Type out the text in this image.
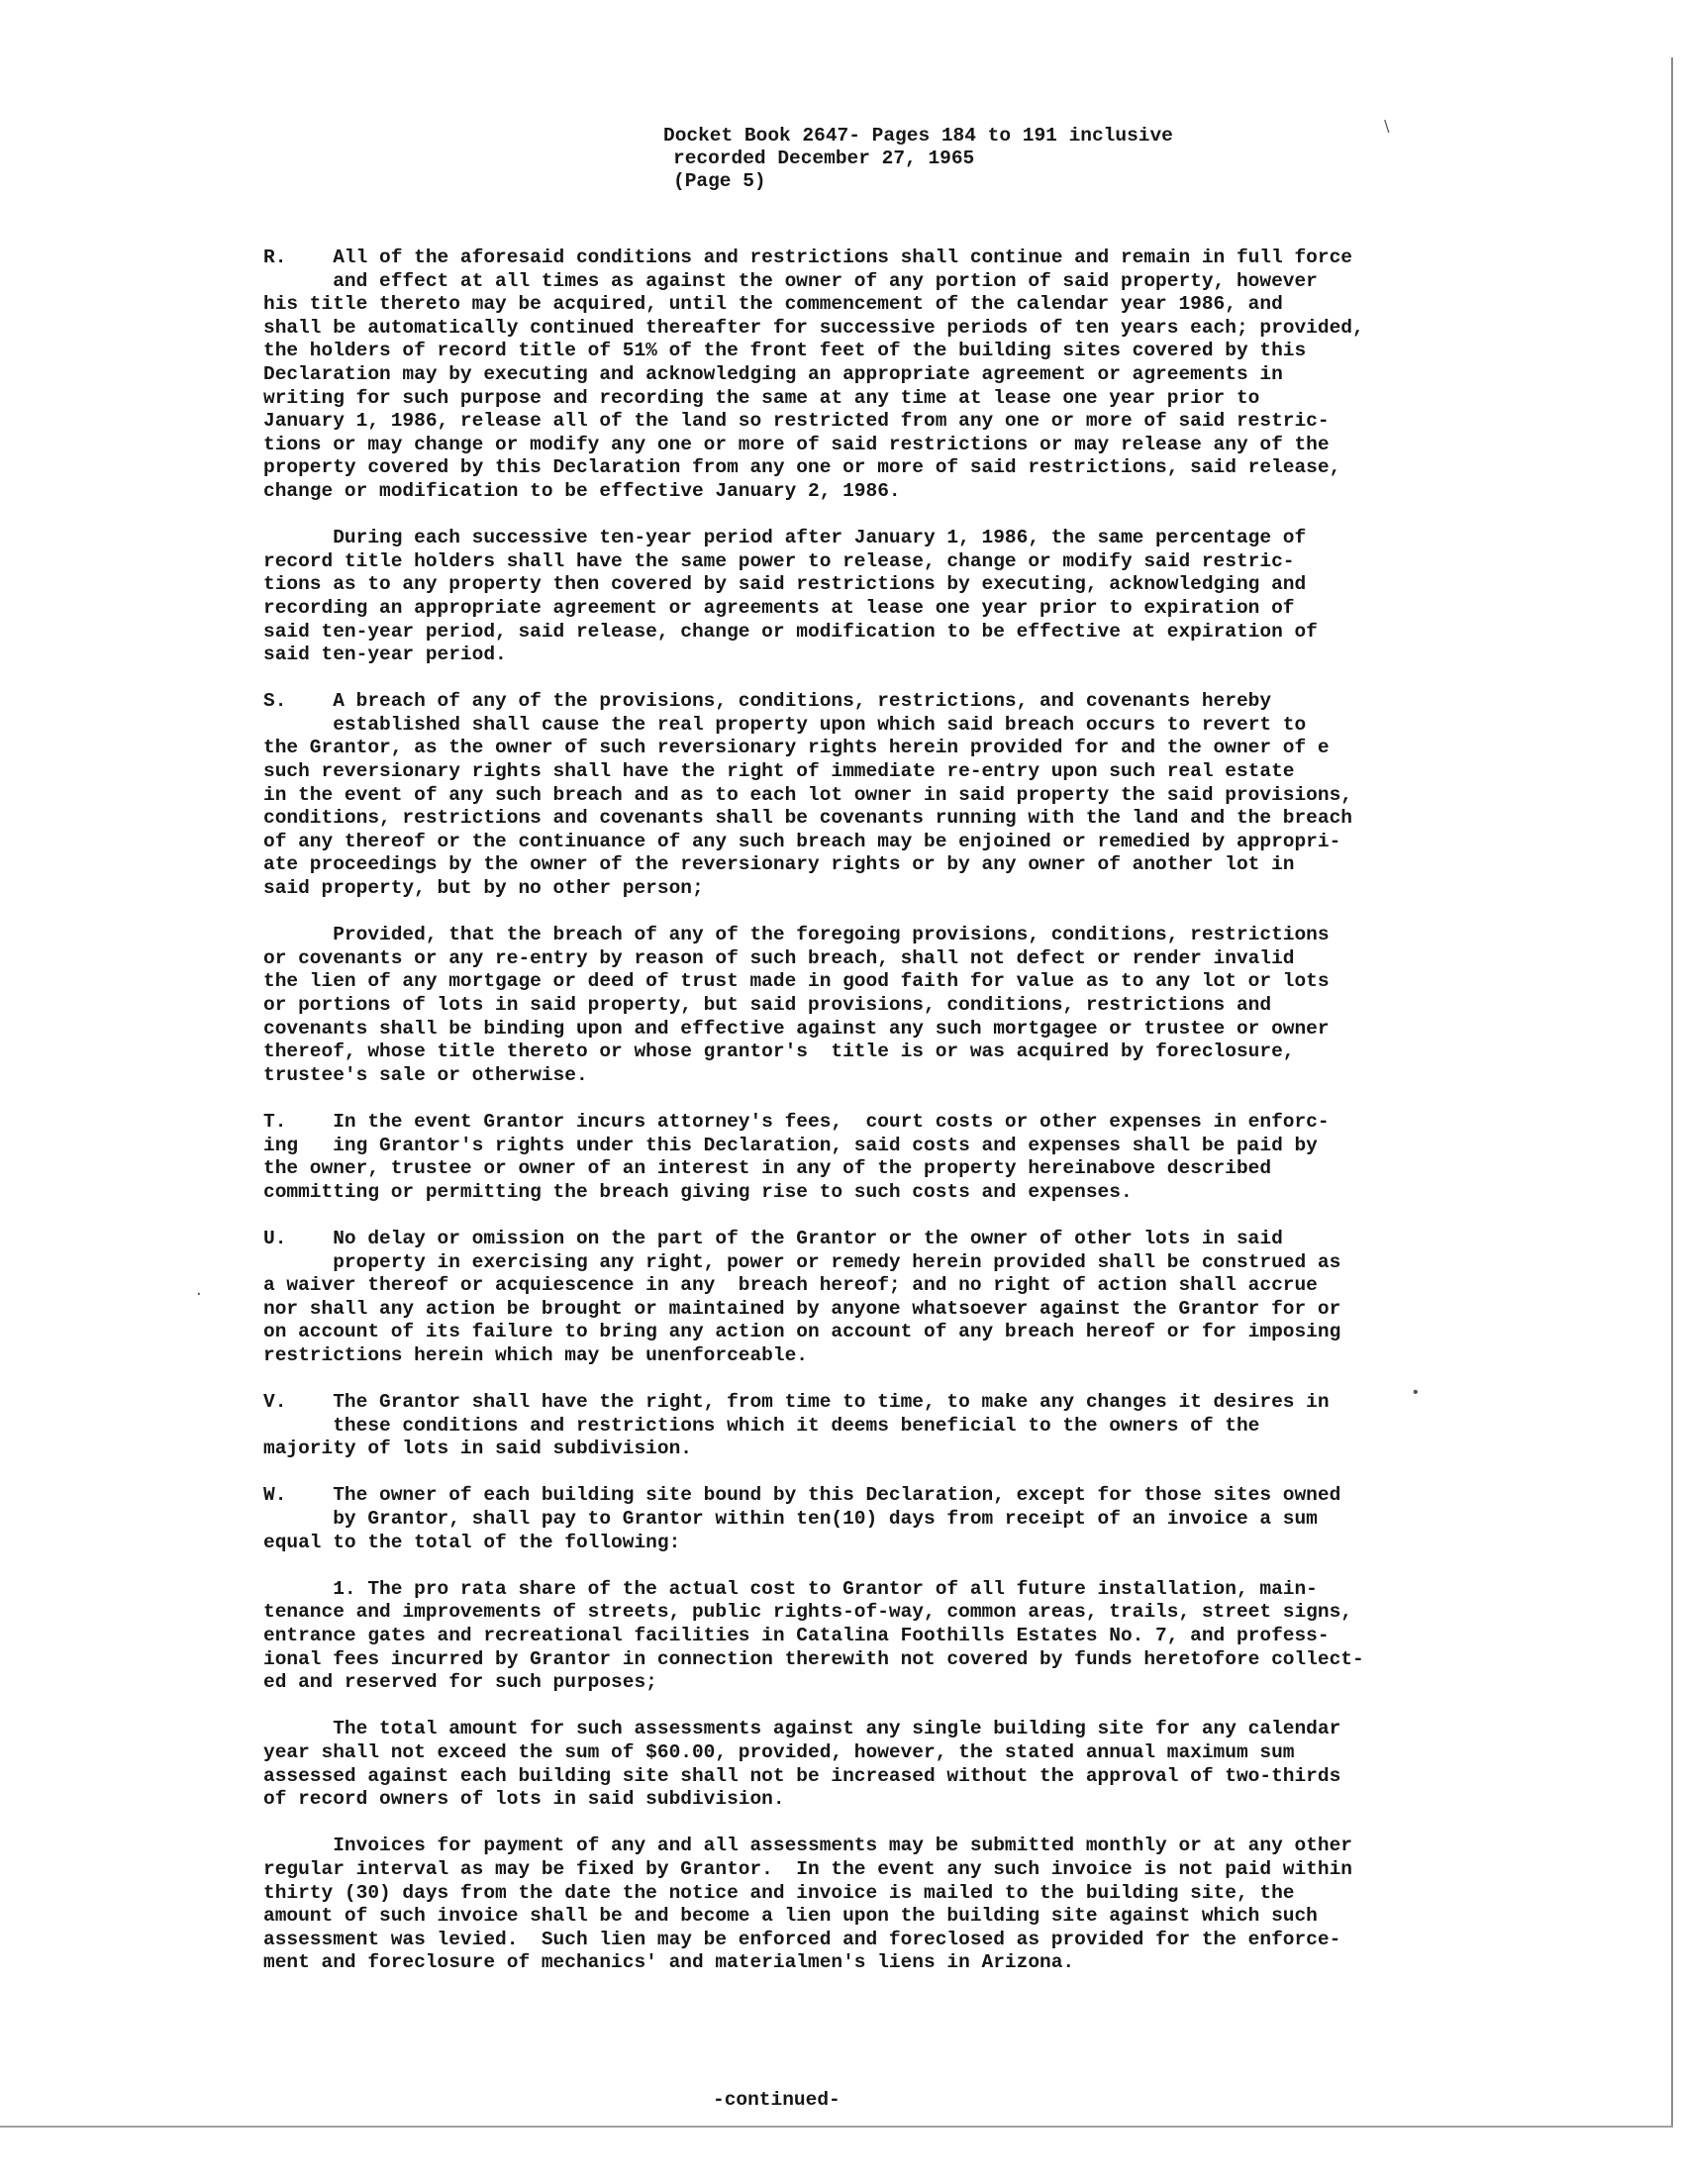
Docket Book 2647- Pages 184 to 191 inclusive
recorded December 27, 1965
(Page 5)
R.    All of the aforesaid conditions and restrictions shall continue and remain in full force
and effect at all times as against the owner of any portion of said property, however
his title thereto may be acquired, until the commencement of the calendar year 1986, and
shall be automatically continued thereafter for successive periods of ten years each; provided,
the holders of record title of 51% of the front feet of the building sites covered by this
Declaration may by executing and acknowledging an appropriate agreement or agreements in
writing for such purpose and recording the same at any time at lease one year prior to
January 1, 1986, release all of the land so restricted from any one or more of said restric-
tions or may change or modify any one or more of said restrictions or may release any of the
property covered by this Declaration from any one or more of said restrictions, said release,
change or modification to be effective January 2, 1986.
During each successive ten-year period after January 1, 1986, the same percentage of
record title holders shall have the same power to release, change or modify said restric-
tions as to any property then covered by said restrictions by executing, acknowledging and
recording an appropriate agreement or agreements at lease one year prior to expiration of
said ten-year period, said release, change or modification to be effective at expiration of
said ten-year period.
S.    A breach of any of the provisions, conditions, restrictions, and covenants hereby
established shall cause the real property upon which said breach occurs to revert to
the Grantor, as the owner of such reversionary rights herein provided for and the owner of e
such reversionary rights shall have the right of immediate re-entry upon such real estate
in the event of any such breach and as to each lot owner in said property the said provisions,
conditions, restrictions and covenants shall be covenants running with the land and the breach
of any thereof or the continuance of any such breach may be enjoined or remedied by appropri-
ate proceedings by the owner of the reversionary rights or by any owner of another lot in
said property, but by no other person;
Provided, that the breach of any of the foregoing provisions, conditions, restrictions
or covenants or any re-entry by reason of such breach, shall not defect or render invalid
the lien of any mortgage or deed of trust made in good faith for value as to any lot or lots
or portions of lots in said property, but said provisions, conditions, restrictions and
covenants shall be binding upon and effective against any such mortgagee or trustee or owner
thereof, whose title thereto or whose grantor's  title is or was acquired by foreclosure,
trustee's sale or otherwise.
T.    In the event Grantor incurs attorney's fees,  court costs or other expenses in enforc-
ing   ing Grantor's rights under this Declaration, said costs and expenses shall be paid by
the owner, trustee or owner of an interest in any of the property hereinabove described
committing or permitting the breach giving rise to such costs and expenses.
U.    No delay or omission on the part of the Grantor or the owner of other lots in said
property in exercising any right, power or remedy herein provided shall be construed as
a waiver thereof or acquiescence in any  breach hereof; and no right of action shall accrue
nor shall any action be brought or maintained by anyone whatsoever against the Grantor for or
on account of its failure to bring any action on account of any breach hereof or for imposing
restrictions herein which may be unenforceable.
V.    The Grantor shall have the right, from time to time, to make any changes it desires in
these conditions and restrictions which it deems beneficial to the owners of the
majority of lots in said subdivision.
W.    The owner of each building site bound by this Declaration, except for those sites owned
by Grantor, shall pay to Grantor within ten(10) days from receipt of an invoice a sum
equal to the total of the following:
1. The pro rata share of the actual cost to Grantor of all future installation, main-
tenance and improvements of streets, public rights-of-way, common areas, trails, street signs,
entrance gates and recreational facilities in Catalina Foothills Estates No. 7, and profess-
ional fees incurred by Grantor in connection therewith not covered by funds heretofore collect-
ed and reserved for such purposes;
The total amount for such assessments against any single building site for any calendar
year shall not exceed the sum of $60.00, provided, however, the stated annual maximum sum
assessed against each building site shall not be increased without the approval of two-thirds
of record owners of lots in said subdivision.
Invoices for payment of any and all assessments may be submitted monthly or at any other
regular interval as may be fixed by Grantor.  In the event any such invoice is not paid within
thirty (30) days from the date the notice and invoice is mailed to the building site, the
amount of such invoice shall be and become a lien upon the building site against which such
assessment was levied.  Such lien may be enforced and foreclosed as provided for the enforce-
ment and foreclosure of mechanics' and materialmen's liens in Arizona.
-continued-
∖
•
·
